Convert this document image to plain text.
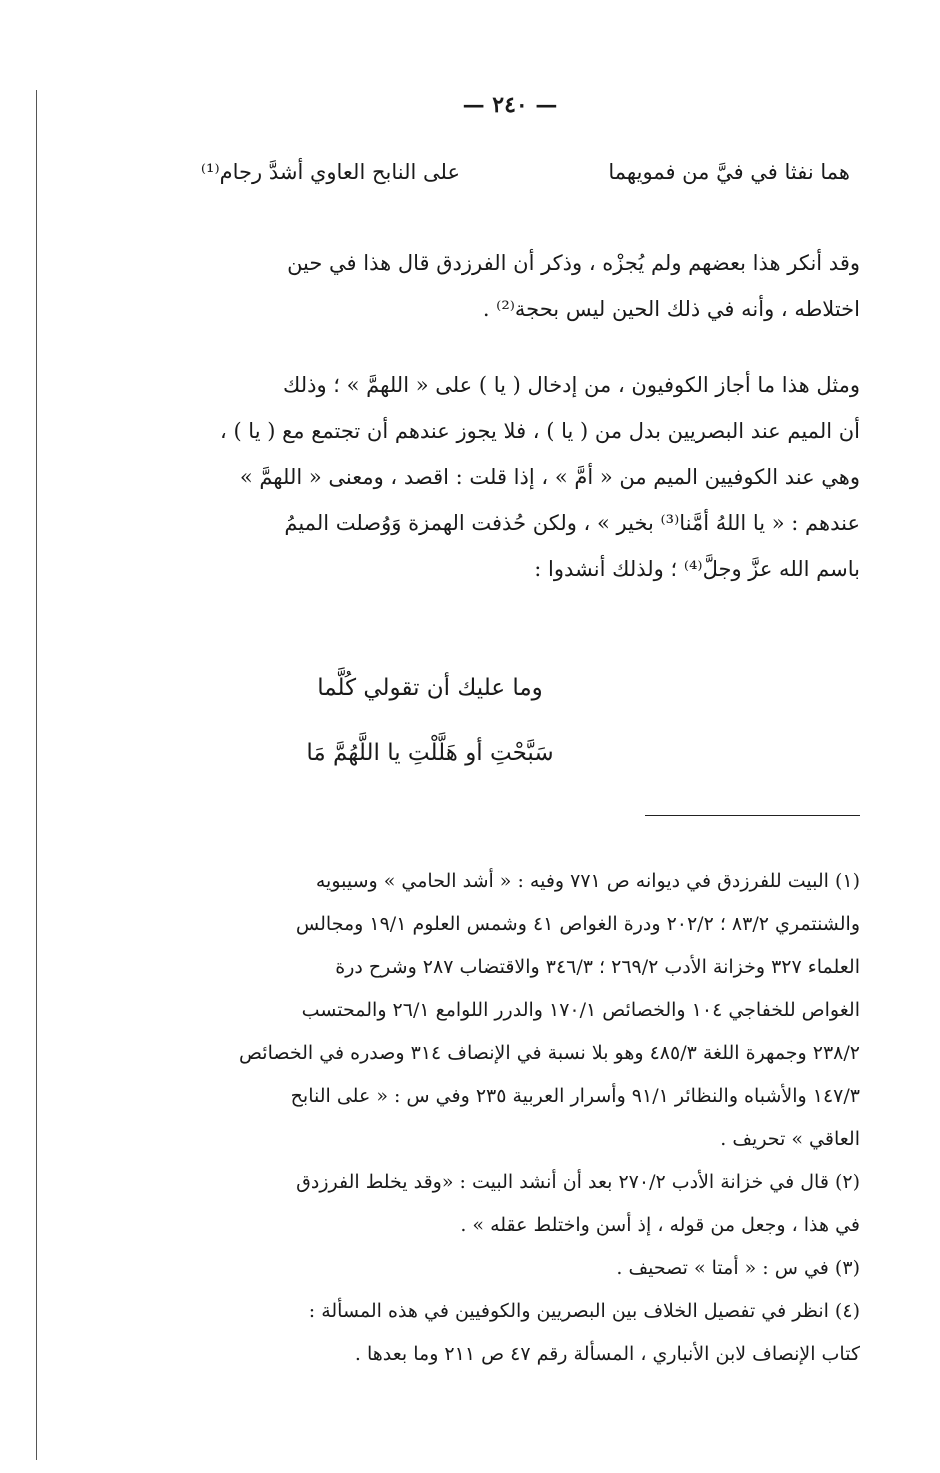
— ٢٤٠ —
هما نفثا في فيَّ من فمويهما
على النابح العاوي أشدَّ رجام⁽¹⁾
وقد أنكر هذا بعضهم ولم يُجزْه ، وذكر أن الفرزدق قال هذا في حين
اختلاطه ، وأنه في ذلك الحين ليس بحجة⁽²⁾ .
ومثل هذا ما أجاز الكوفيون ، من إدخال ( يا ) على « اللهمَّ » ؛ وذلك
أن الميم عند البصريين بدل من ( يا ) ، فلا يجوز عندهم أن تجتمع مع ( يا ) ،
وهي عند الكوفيين الميم من « أمَّ » ، إذا قلت : اقصد ، ومعنى « اللهمَّ »
عندهم : « يا اللهُ أمَّنا⁽³⁾ بخير » ، ولكن حُذفت الهمزة وَوُصلت الميمُ
باسم الله عزَّ وجلَّ⁽⁴⁾ ؛ ولذلك أنشدوا :
وما عليك أن تقولي كُلَّما
سَبَّحْتِ أو هَلَّلْتِ يا اللَّهُمَّ مَا
(١) البيت للفرزدق في ديوانه ص ٧٧١ وفيه : « أشد الحامي » وسيبويه
والشنتمري ٨٣/٢ ؛ ٢٠٢/٢ ودرة الغواص ٤١ وشمس العلوم ١٩/١ ومجالس
العلماء ٣٢٧ وخزانة الأدب ٢٦٩/٢ ؛ ٣٤٦/٣ والاقتضاب ٢٨٧ وشرح درة
الغواص للخفاجي ١٠٤ والخصائص ١٧٠/١ والدرر اللوامع ٢٦/١ والمحتسب
٢٣٨/٢ وجمهرة اللغة ٤٨٥/٣ وهو بلا نسبة في الإنصاف ٣١٤ وصدره في الخصائص
١٤٧/٣ والأشباه والنظائر ٩١/١ وأسرار العربية ٢٣٥ وفي س : « على النابح
العاقي » تحريف .
(٢) قال في خزانة الأدب ٢٧٠/٢ بعد أن أنشد البيت : «وقد يخلط الفرزدق
في هذا ، وجعل من قوله ، إذ أسن واختلط عقله » .
(٣) في س : « أمتا » تصحيف .
(٤) انظر في تفصيل الخلاف بين البصريين والكوفيين في هذه المسألة :
كتاب الإنصاف لابن الأنباري ، المسألة رقم ٤٧ ص ٢١١ وما بعدها .
